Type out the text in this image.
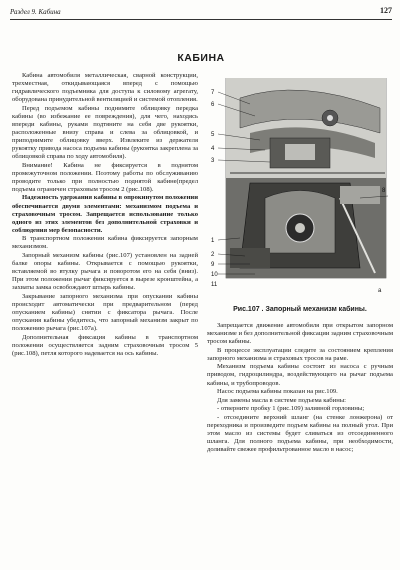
Раздел 9. Кабина	127
КАБИНА

Кабина автомобиля металлическая, сварной конструкции, трехместная, откидывающаяся вперед с помощью гидравлического подъемника для доступа к силовому агрегату, оборудована принудительной вентиляцией и системой отопления.

Перед подъемом кабины поднимите облицовку передка кабины (во избежание ее повреждения), для чего, находясь впереди кабины, руками подтяните на себя две рукоятки, расположенные внизу справа и слева за облицовкой, и приподнимите облицовку вверх. Извлеките из держателя рукоятку привода насоса подъема кабины (рукоятка закреплена за облицовкой справа по ходу автомобиля).

Внимание! Кабина не фиксируется в поднятом промежуточном положении. Поэтому работы по обслуживанию проводите только при полностью поднятой кабине(предел подъема ограничен страховым тросом 2 (рис.108).

Надежность удержания кабины в опрокинутом положении обеспечивается двумя элементами: механизмом подъема и страховочным тросом. Запрещается использование только одного из этих элементов без дополнительной страховки и соблюдения мер безопасности.

В транспортном положении кабина фиксируется запорным механизмом.

Запорный механизм кабины (рис.107) установлен на задней балке опоры кабины. Открывается с помощью рукоятки, вставляемой во втулку рычага и поворотом его на себя (вниз). При этом положении рычаг фиксируется в вырезе кронштейна, а захваты замка освобождают штырь кабины.

Закрывание запорного механизма при опускании кабины происходит автоматически при предварительном (перед опусканием кабины) снятии с фиксатора рычага. После опускания кабины убедитесь, что запорный механизм закрыт по положению рычага (рис.107а).

Дополнительная фиксация кабины в транспортном положении осуществляется задним страховочным тросом 5 (рис.108), петля которого надевается на ось кабины.

7
6
5
4
3
1
2
8
9
10
11
а
Рис.107 . Запорный механизм кабины.

Запрещается движение автомобиля при открытом запорном механизме и без дополнительной фиксации задним страховочным тросом кабины.

В процессе эксплуатации следите за состоянием крепления запорного механизма и страховых тросов на раме.

Механизм подъема кабины состоит из насоса с ручным приводом, гидроцилиндра, воздействующего на рычаг подъема кабины, и трубопроводов.

Насос подъема кабины показан на рис.109.

Для замены масла в системе подъема кабины:

- отверните пробку 1 (рис.109) заливной горловины;

- отсоедините верхний шланг (на стенке лонжерона) от переходника и произведите подъем кабины на полный угол. При этом масло из системы будет сливаться из отсоединенного шланга. Для полного подъема кабины, при необходимости, доливайте свежее профильтрованное масло в насос;
